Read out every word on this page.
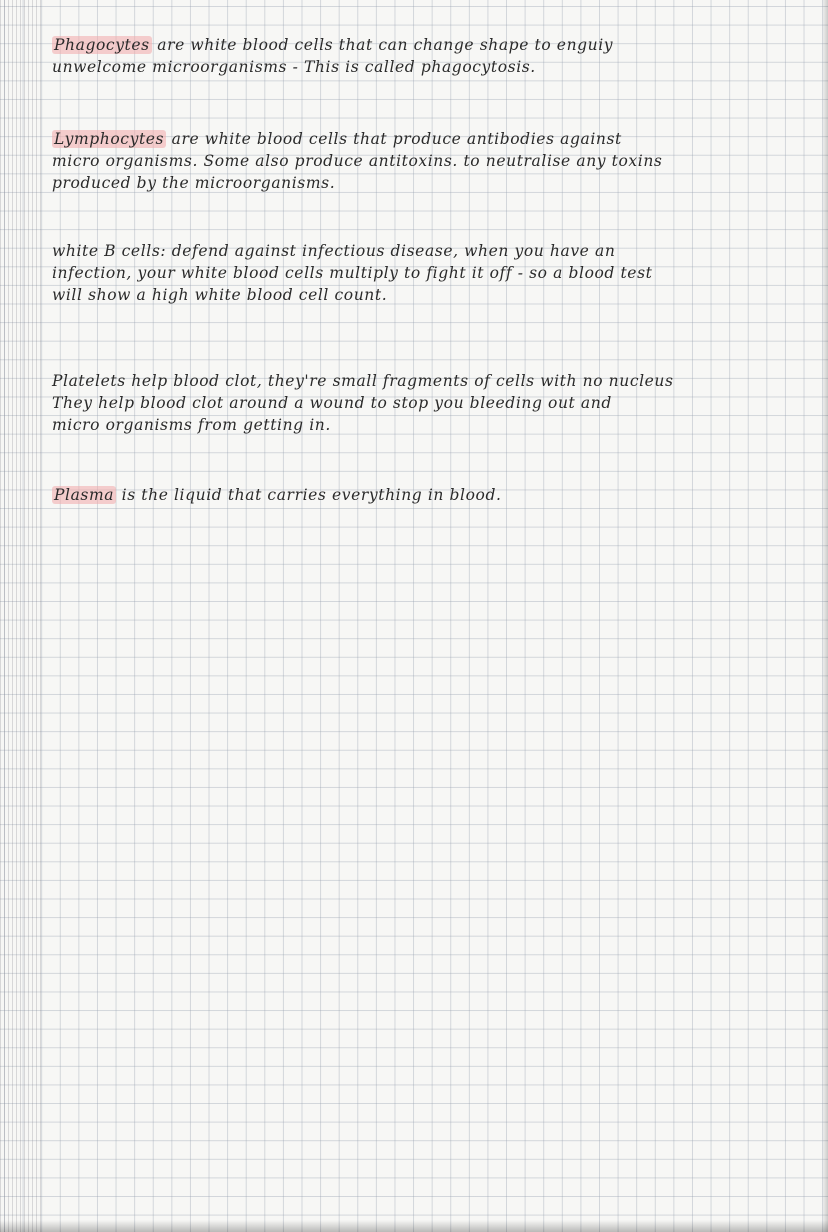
Phagocytes are white blood cells that can change shape to enguiy
unwelcome microorganisms - This is called phagocytosis.
Lymphocytes are white blood cells that produce antibodies against
micro organisms. Some also produce antitoxins. to neutralise any toxins
produced by the microorganisms.
white B cells: defend against infectious disease, when you have an
infection, your white blood cells multiply to fight it off - so a blood test
will show a high white blood cell count.
Platelets help blood clot, they're small fragments of cells with no nucleus
They help blood clot around a wound to stop you bleeding out and
micro organisms from getting in.
Plasma is the liquid that carries everything in blood.
